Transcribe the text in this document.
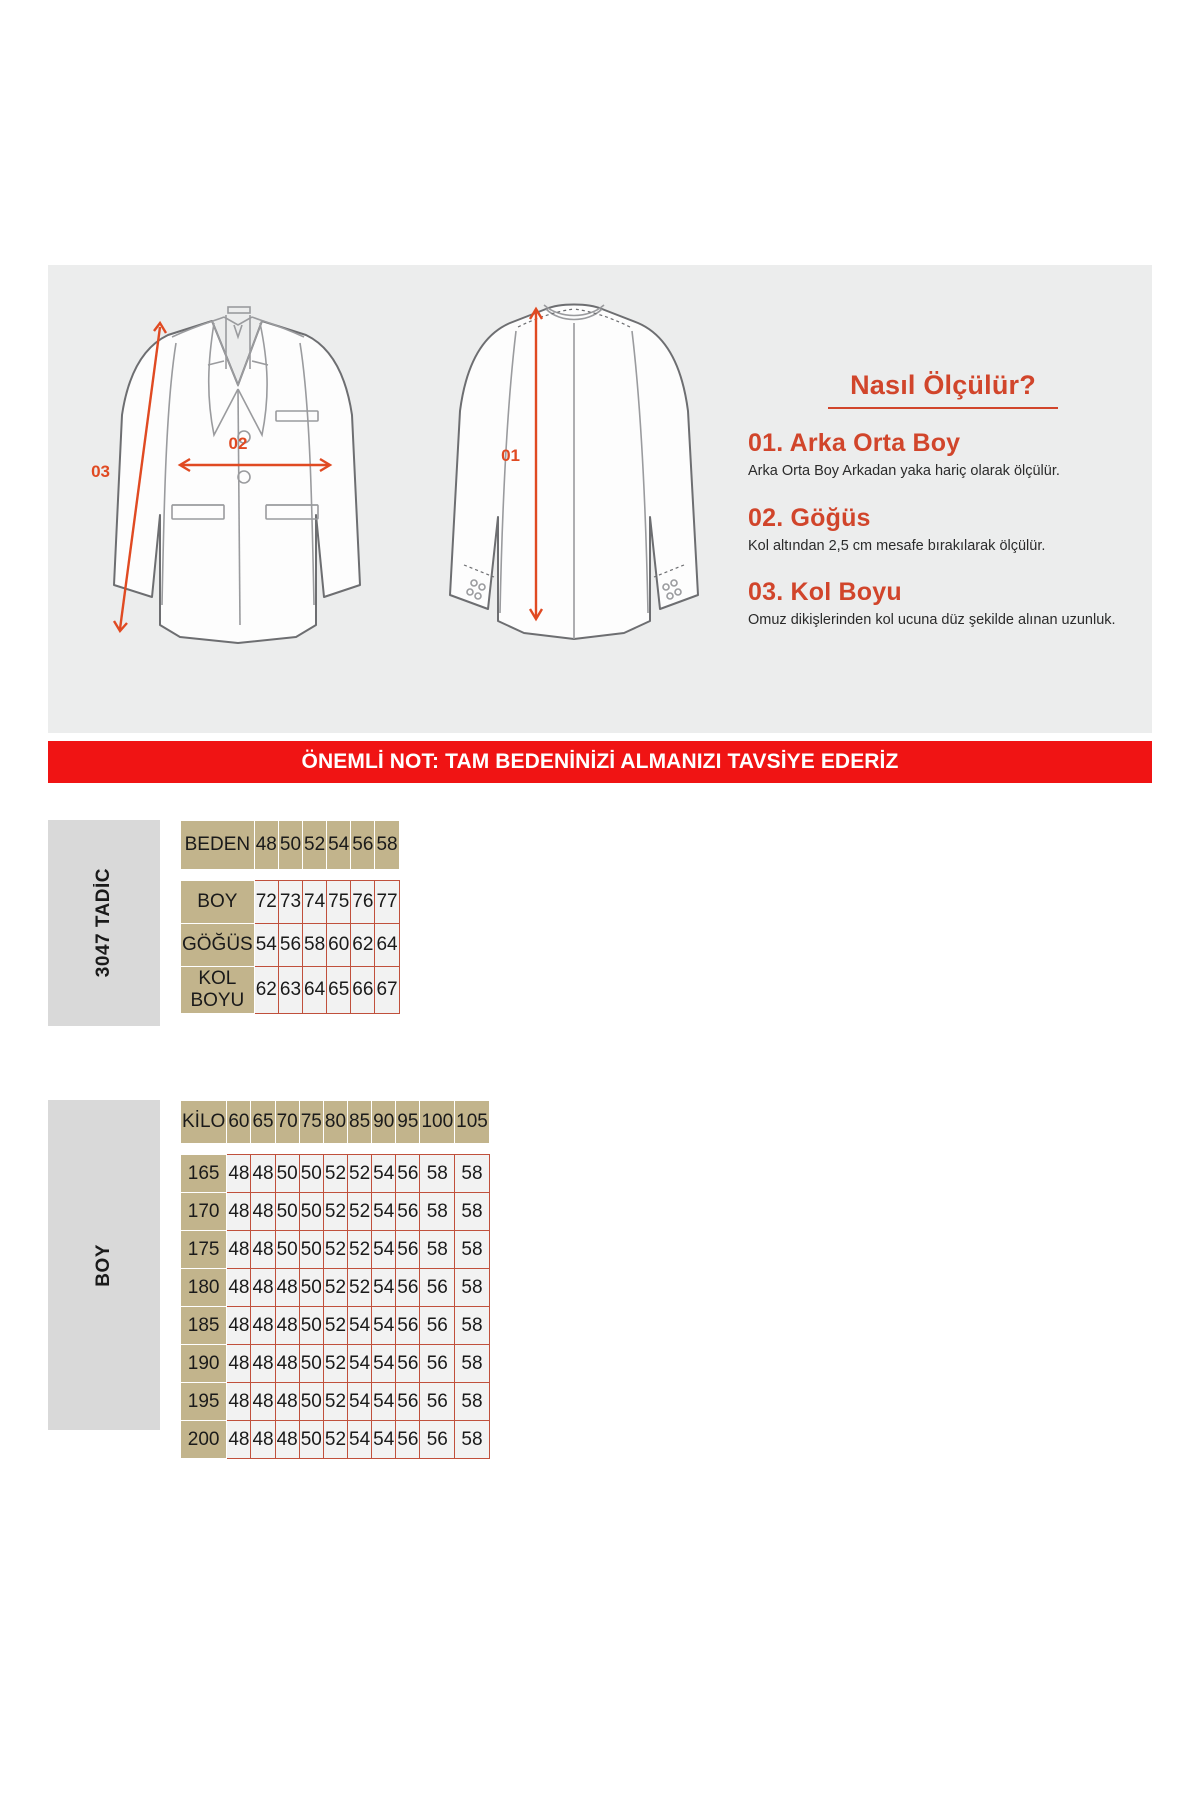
03
02
01
Nasıl Ölçülür?
01. Arka Orta Boy

Arka Orta Boy Arkadan yaka hariç olarak ölçülür.

02. Göğüs

Kol altından 2,5 cm mesafe bırakılarak ölçülür.

03. Kol Boyu

Omuz dikişlerinden kol ucuna düz şekilde alınan uzunluk.

ÖNEMLİ NOT: TAM BEDENİNİZİ ALMANIZI TAVSİYE EDERİZ
3047 TADİC
BEDEN	48	50	52	54	56	58

BOY	72	73	74	75	76	77
GÖĞÜS	54	56	58	60	62	64
KOL BOYU	62	63	64	65	66	67
BOY
KİLO	60	65	70	75	80	85	90	95	100	105

165	48	48	50	50	52	52	54	56	58	58
170	48	48	50	50	52	52	54	56	58	58
175	48	48	50	50	52	52	54	56	58	58
180	48	48	48	50	52	52	54	56	56	58
185	48	48	48	50	52	54	54	56	56	58
190	48	48	48	50	52	54	54	56	56	58
195	48	48	48	50	52	54	54	56	56	58
200	48	48	48	50	52	54	54	56	56	58
